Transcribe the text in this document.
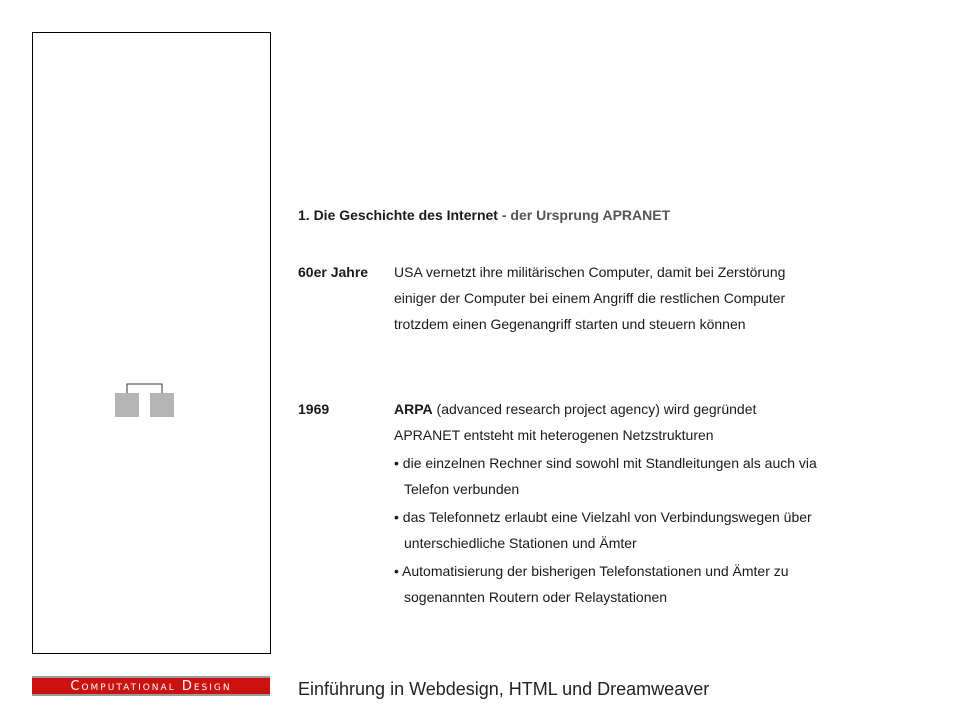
1. Die Geschichte des Internet - der Ursprung APRANET
60er Jahre USA vernetzt ihre militärischen Computer, damit bei Zerstörung
einiger der Computer bei einem Angriff die restlichen Computer
trotzdem einen Gegenangriff starten und steuern können
1969	ARPA (advanced research project agency) wird gegründet
APRANET entsteht mit heterogenen Netzstrukturen
• die einzelnen Rechner sind sowohl mit Standleitungen als auch via
Telefon verbunden
• das Telefonnetz erlaubt eine Vielzahl von Verbindungswegen über
unterschiedliche Stationen und Ämter
• Automatisierung der bisherigen Telefonstationen und Ämter zu
sogenannten Routern oder Relaystationen
Computational Design	Einführung in Webdesign, HTML und Dreamweaver
